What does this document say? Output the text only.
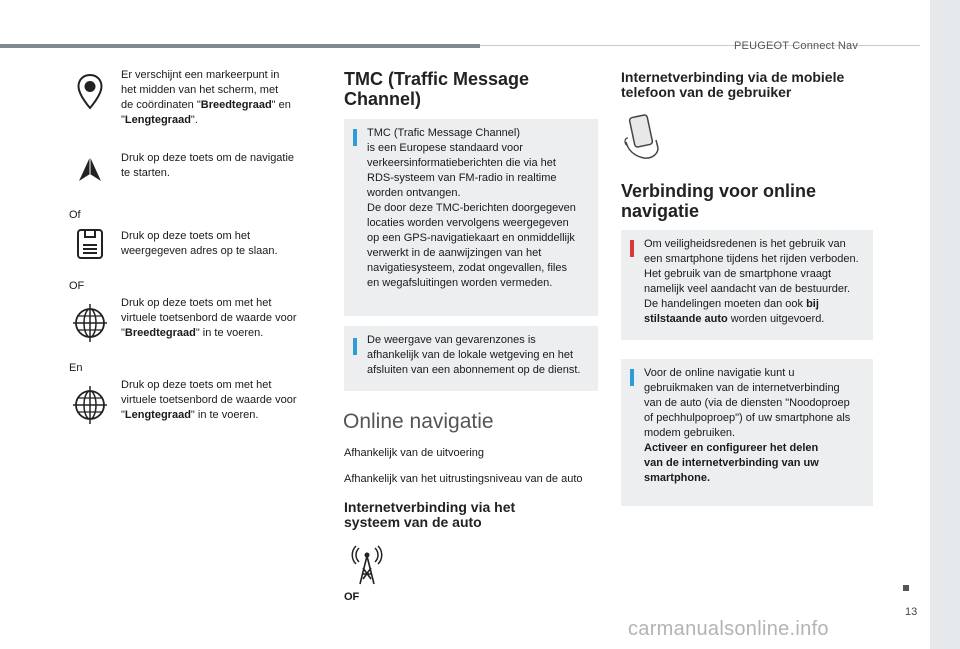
PEUGEOT Connect Nav
13
carmanualsonline.info
Er verschijnt een markeerpunt in
het midden van het scherm, met
de coördinaten "Breedtegraad" en
"Lengtegraad".
Druk op deze toets om de navigatie
te starten.
Of
Druk op deze toets om het
weergegeven adres op te slaan.
OF
Druk op deze toets om met het
virtuele toetsenbord de waarde voor
"Breedtegraad" in te voeren.
En
Druk op deze toets om met het
virtuele toetsenbord de waarde voor
"Lengtegraad" in te voeren.
TMC (Traffic Message
Channel)
TMC (Trafic Message Channel)
is een Europese standaard voor
verkeersinformatieberichten die via het
RDS-systeem van FM-radio in realtime
worden ontvangen.
De door deze TMC-berichten doorgegeven
locaties worden vervolgens weergegeven
op een GPS-navigatiekaart en onmiddellijk
verwerkt in de aanwijzingen van het
navigatiesysteem, zodat ongevallen, files
en wegafsluitingen worden vermeden.
De weergave van gevarenzones is
afhankelijk van de lokale wetgeving en het
afsluiten van een abonnement op de dienst.
Online navigatie
Afhankelijk van de uitvoering
Afhankelijk van het uitrustingsniveau van de auto
Internetverbinding via het
systeem van de auto
OF
Internetverbinding via de mobiele
telefoon van de gebruiker
Verbinding voor online
navigatie
Om veiligheidsredenen is het gebruik van
een smartphone tijdens het rijden verboden.
Het gebruik van de smartphone vraagt
namelijk veel aandacht van de bestuurder.
De handelingen moeten dan ook bij
stilstaande auto worden uitgevoerd.
Voor de online navigatie kunt u
gebruikmaken van de internetverbinding
van de auto (via de diensten "Noodoproep
of pechhulpoproep") of uw smartphone als
modem gebruiken.
Activeer en configureer het delen
van de internetverbinding van uw
smartphone.
